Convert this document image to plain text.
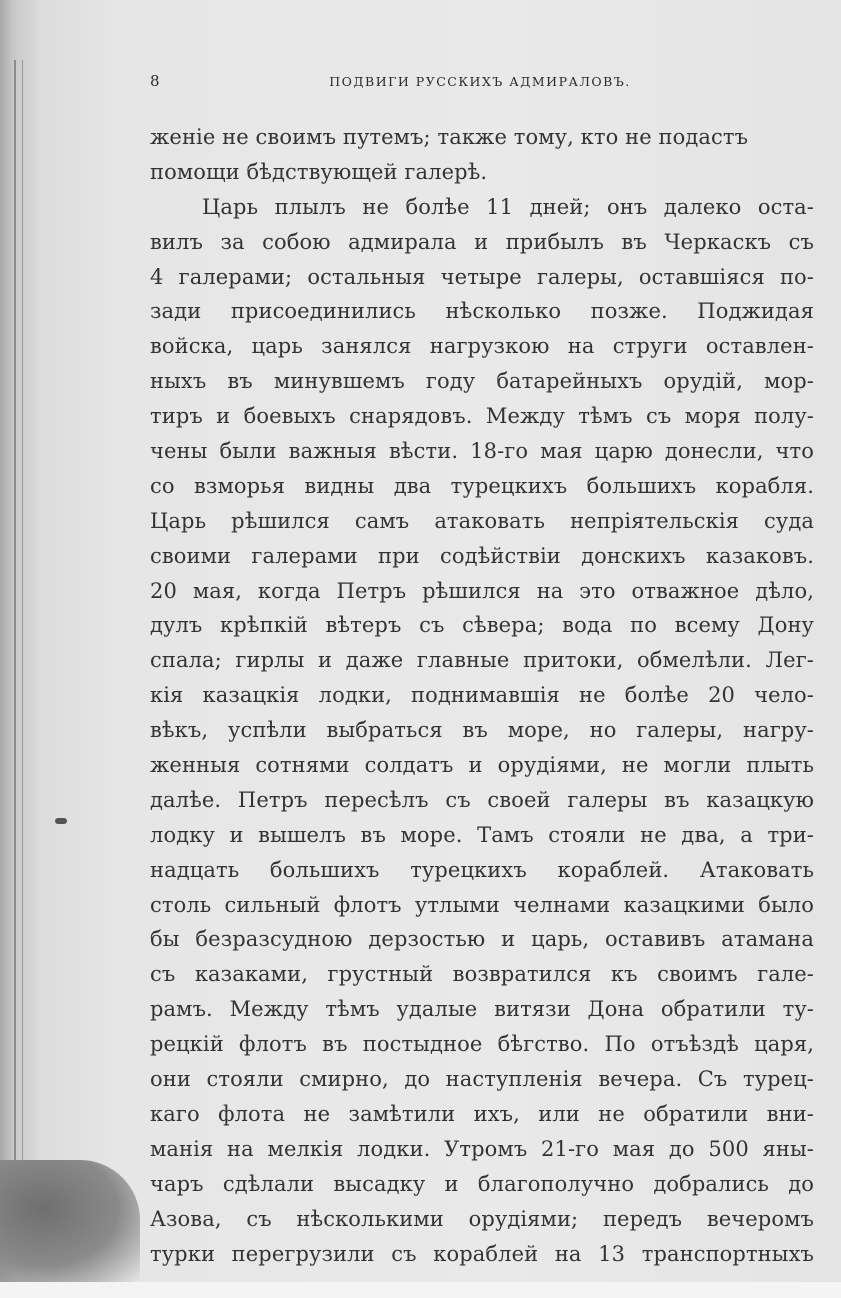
8	ПОДВИГИ РУССКИХЪ АДМИРАЛОВЪ.
женіе не своимъ путемъ; также тому, кто не подастъ
помощи бѣдствующей галерѣ.
Царь плылъ не болѣе 11 дней; онъ далеко оста-
вилъ за собою адмирала и прибылъ въ Черкаскъ съ
4 галерами; остальныя четыре галеры, оставшіяся по-
зади присоединились нѣсколько позже. Поджидая
войска, царь занялся нагрузкою на струги оставлен-
ныхъ въ минувшемъ году батарейныхъ орудій, мор-
тиръ и боевыхъ снарядовъ. Между тѣмъ съ моря полу-
чены были важныя вѣсти. 18-го мая царю донесли, что
со взморья видны два турецкихъ большихъ корабля.
Царь рѣшился самъ атаковать непріятельскія суда
своими галерами при содѣйствіи донскихъ казаковъ.
20 мая, когда Петръ рѣшился на это отважное дѣло,
дулъ крѣпкій вѣтеръ съ сѣвера; вода по всему Дону
спала; гирлы и даже главные притоки, обмелѣли. Лег-
кія казацкія лодки, поднимавшія не болѣе 20 чело-
вѣкъ, успѣли выбраться въ море, но галеры, нагру-
женныя сотнями солдатъ и орудіями, не могли плыть
далѣе. Петръ пересѣлъ съ своей галеры въ казацкую
лодку и вышелъ въ море. Тамъ стояли не два, а три-
надцать большихъ турецкихъ кораблей. Атаковать
столь сильный флотъ утлыми челнами казацкими было
бы безразсудною дерзостью и царь, оставивъ атамана
съ казаками, грустный возвратился къ своимъ гале-
рамъ. Между тѣмъ удалые витязи Дона обратили ту-
рецкій флотъ въ постыдное бѣгство. По отъѣздѣ царя,
они стояли смирно, до наступленія вечера. Съ турец-
каго флота не замѣтили ихъ, или не обратили вни-
манія на мелкія лодки. Утромъ 21-го мая до 500 яны-
чаръ сдѣлали высадку и благополучно добрались до
Азова, съ нѣсколькими орудіями; передъ вечеромъ
турки перегрузили съ кораблей на 13 транспортныхъ
